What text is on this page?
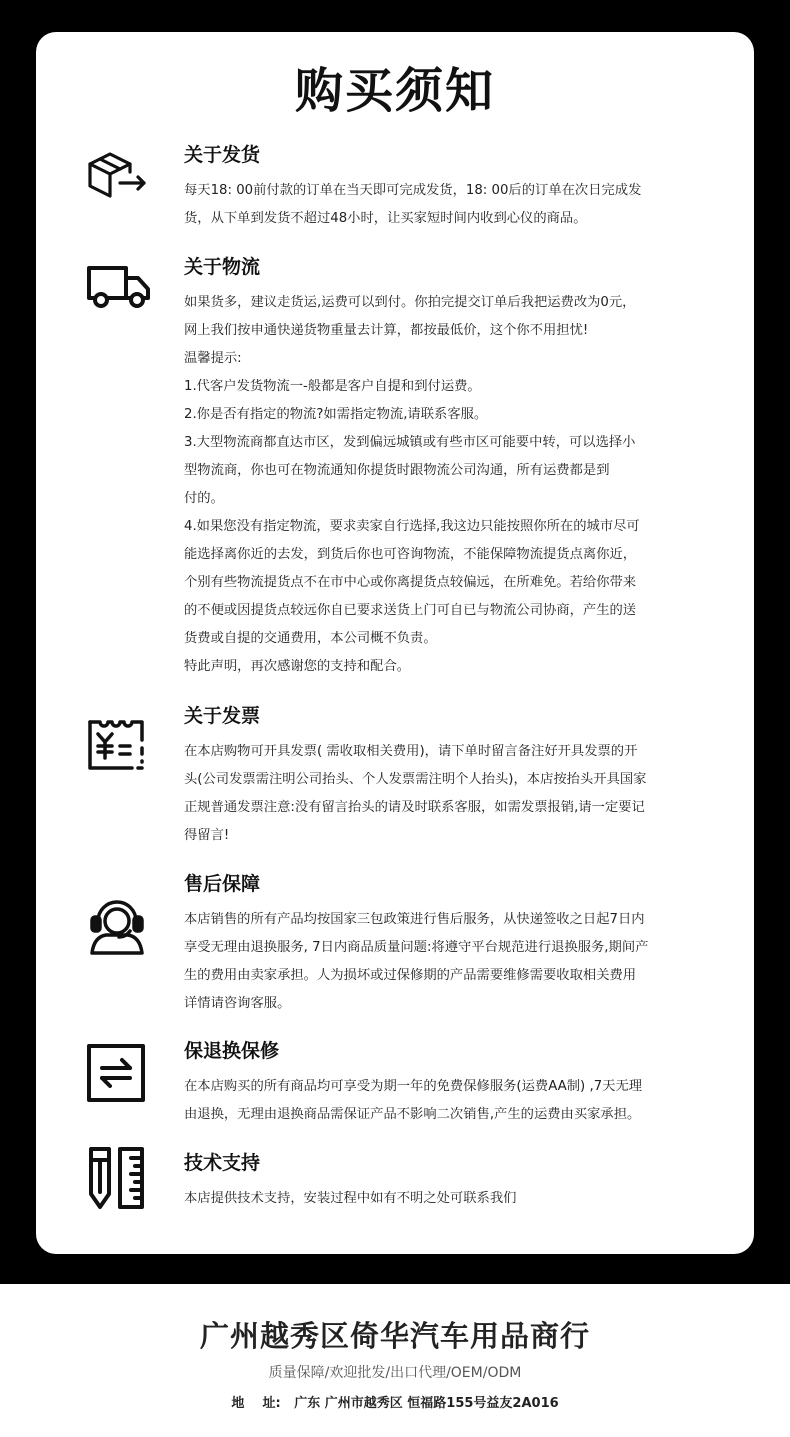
购买须知
关于发货
每天18: 00前付款的订单在当天即可完成发货，18: 00后的订单在次日完成发
货，从下单到发货不超过48小时，让买家短时间内收到心仪的商品。
关于物流
如果货多，建议走货运,运费可以到付。你拍完提交订单后我把运费改为0元，
网上我们按申通快递货物重量去计算，都按最低价，这个你不用担忧!
温馨提示:
1.代客户发货物流一-般都是客户自提和到付运费。
2.你是否有指定的物流?如需指定物流,请联系客服。
3.大型物流商都直达市区，发到偏远城镇或有些市区可能要中转，可以选择小
型物流商，你也可在物流通知你提货时跟物流公司沟通，所有运费都是到
付的。
4.如果您没有指定物流，要求卖家自行选择,我这边只能按照你所在的城市尽可
能选择离你近的去发，到货后你也可咨询物流，不能保障物流提货点离你近，
个别有些物流提货点不在市中心或你离提货点较偏远，在所难免。若给你带来
的不便或因提货点较远你自已要求送货上门可自已与物流公司协商，产生的送
货费或自提的交通费用，本公司概不负责。
特此声明，再次感谢您的支持和配合。
关于发票
在本店购物可开具发票( 需收取相关费用)，请下单时留言备注好开具发票的开
头(公司发票需注明公司抬头、个人发票需注明个人抬头)，本店按抬头开具国家
正规普通发票注意:没有留言抬头的请及时联系客服，如需发票报销,请一定要记
得留言!
售后保障
本店销售的所有产品均按国家三包政策进行售后服务，从快递签收之日起7日内
享受无理由退换服务, 7日内商品质量问题:将遵守平台规范进行退换服务,期间产
生的费用由卖家承担。人为损坏或过保修期的产品需要维修需要收取相关费用
详情请咨询客服。
保退换保修
在本店购买的所有商品均可享受为期一年的免费保修服务(运费AA制) ,7天无理
由退换，无理由退换商品需保证产品不影响二次销售,产生的运费由买家承担。
技术支持
本店提供技术支持，安装过程中如有不明之处可联系我们
广州越秀区倚华汽车用品商行
质量保障/欢迎批发/出口代理/OEM/ODM
地    址:   广东 广州市越秀区 恒福路155号益友2A016
